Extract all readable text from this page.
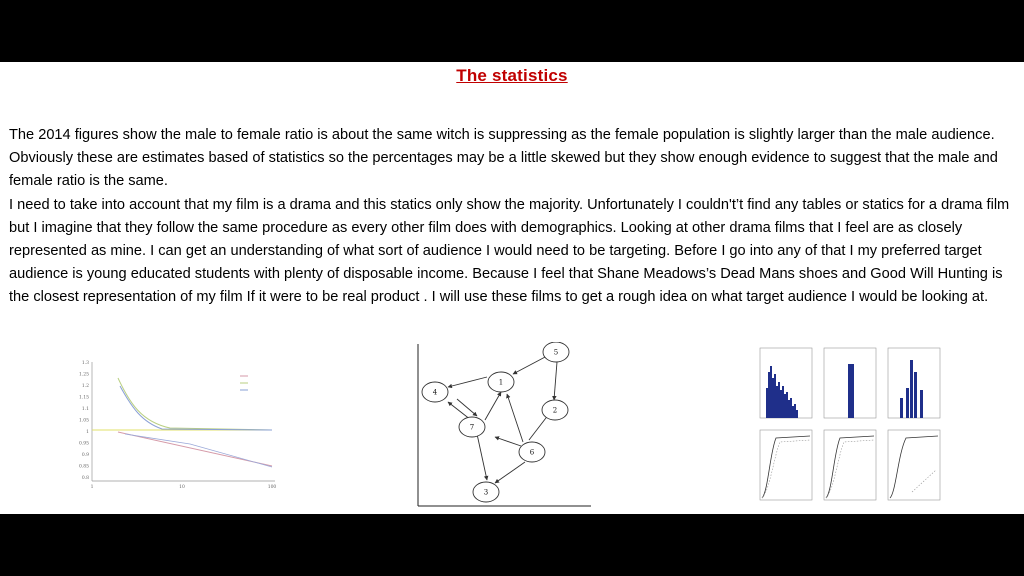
The statistics

The 2014 figures show the male to female ratio is about the same witch is suppressing as the female population is slightly larger than the male audience. Obviously these are estimates based of statistics so the percentages may be a little skewed but they show enough evidence to suggest that the male and female ratio is the same.

I need to take into account that my film is a drama and this statics only show the majority. Unfortunately I couldn't’t find any tables or statics for a drama film but I imagine that they follow the same procedure as every other film does with demographics. Looking at other drama films that I feel are as closely represented as mine. I can get an understanding of what sort of audience I would need to be targeting. Before I go into any of that I my preferred target audience is young educated students with plenty of disposable income. Because I feel that Shane Meadows’s Dead Mans shoes and Good Will Hunting is the closest representation of my film If it were to be real product . I will use these films to get a rough idea on what target audience I would be looking at.

1.3
1.25
1.2
1.15
1.1
1.05
1
0.95
0.9
0.85
0.8
1	10	100
5
1
4
2
7
6
3
